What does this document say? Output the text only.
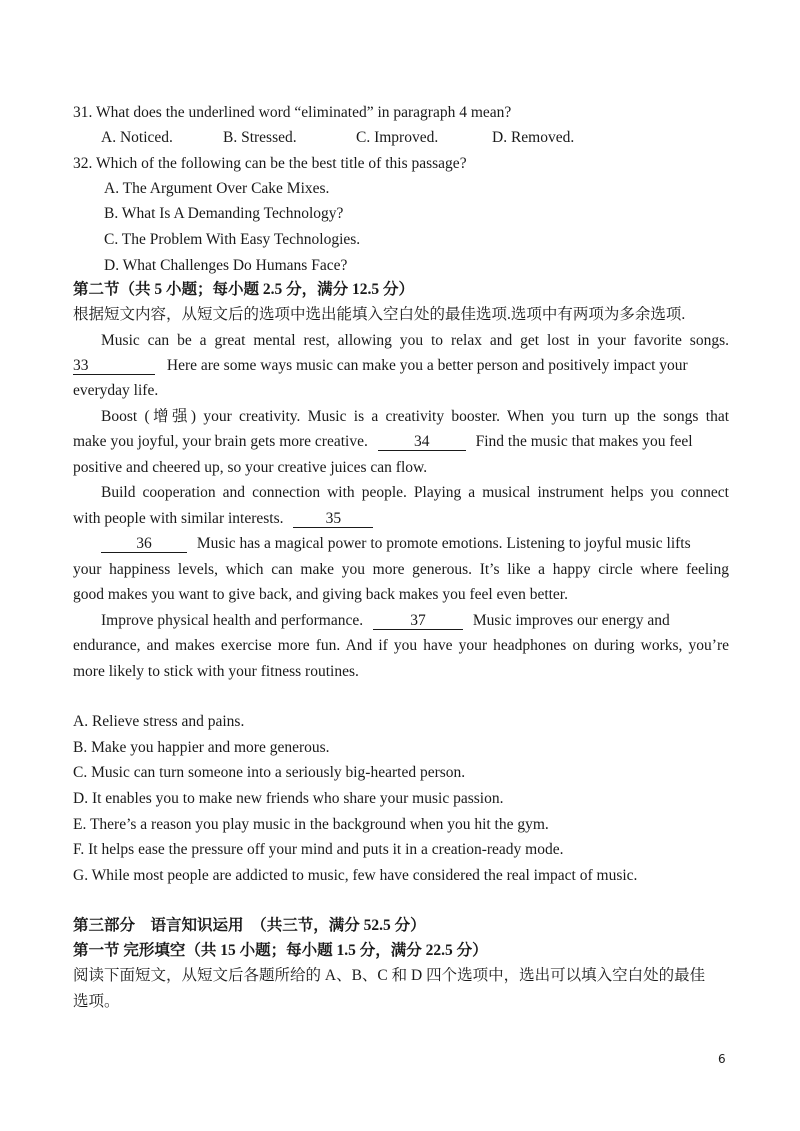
31. What does the underlined word “eliminated” in paragraph 4 mean?
A. Noticed.	B. Stressed.	C. Improved.	D. Removed.
32. Which of the following can be the best title of this passage?
A. The Argument Over Cake Mixes.
B. What Is A Demanding Technology?
C. The Problem With Easy Technologies.
D. What Challenges Do Humans Face?
第二节（共 5 小题；每小题 2.5 分，满分 12.5 分）
根据短文内容，从短文后的选项中选出能填入空白处的最佳选项.选项中有两项为多余选项.
Music can be a great mental rest, allowing you to relax and get lost in your favorite songs.
33	Here are some ways music can make you a better person and positively impact your
everyday life.
Boost (增强) your creativity. Music is a creativity booster. When you turn up the songs that
make you joyful, your brain gets more creative.	34	Find the music that makes you feel
positive and cheered up, so your creative juices can flow.
Build cooperation and connection with people. Playing a musical instrument helps you connect
with people with similar interests.	35
36	Music has a magical power to promote emotions. Listening to joyful music lifts
your happiness levels, which can make you more generous. It’s like a happy circle where feeling
good makes you want to give back, and giving back makes you feel even better.
Improve physical health and performance.	37	Music improves our energy and
endurance, and makes exercise more fun. And if you have your headphones on during works, you’re
more likely to stick with your fitness routines.
A. Relieve stress and pains.
B. Make you happier and more generous.
C. Music can turn someone into a seriously big-hearted person.
D. It enables you to make new friends who share your music passion.
E. There’s a reason you play music in the background when you hit the gym.
F. It helps ease the pressure off your mind and puts it in a creation-ready mode.
G. While most people are addicted to music, few have considered the real impact of music.
第三部分　语言知识运用　（共三节，满分 52.5 分）
第一节 完形填空（共 15 小题；每小题 1.5 分，满分 22.5 分）
阅读下面短文，从短文后各题所给的 A、B、C 和 D 四个选项中，选出可以填入空白处的最佳
选项。
6
